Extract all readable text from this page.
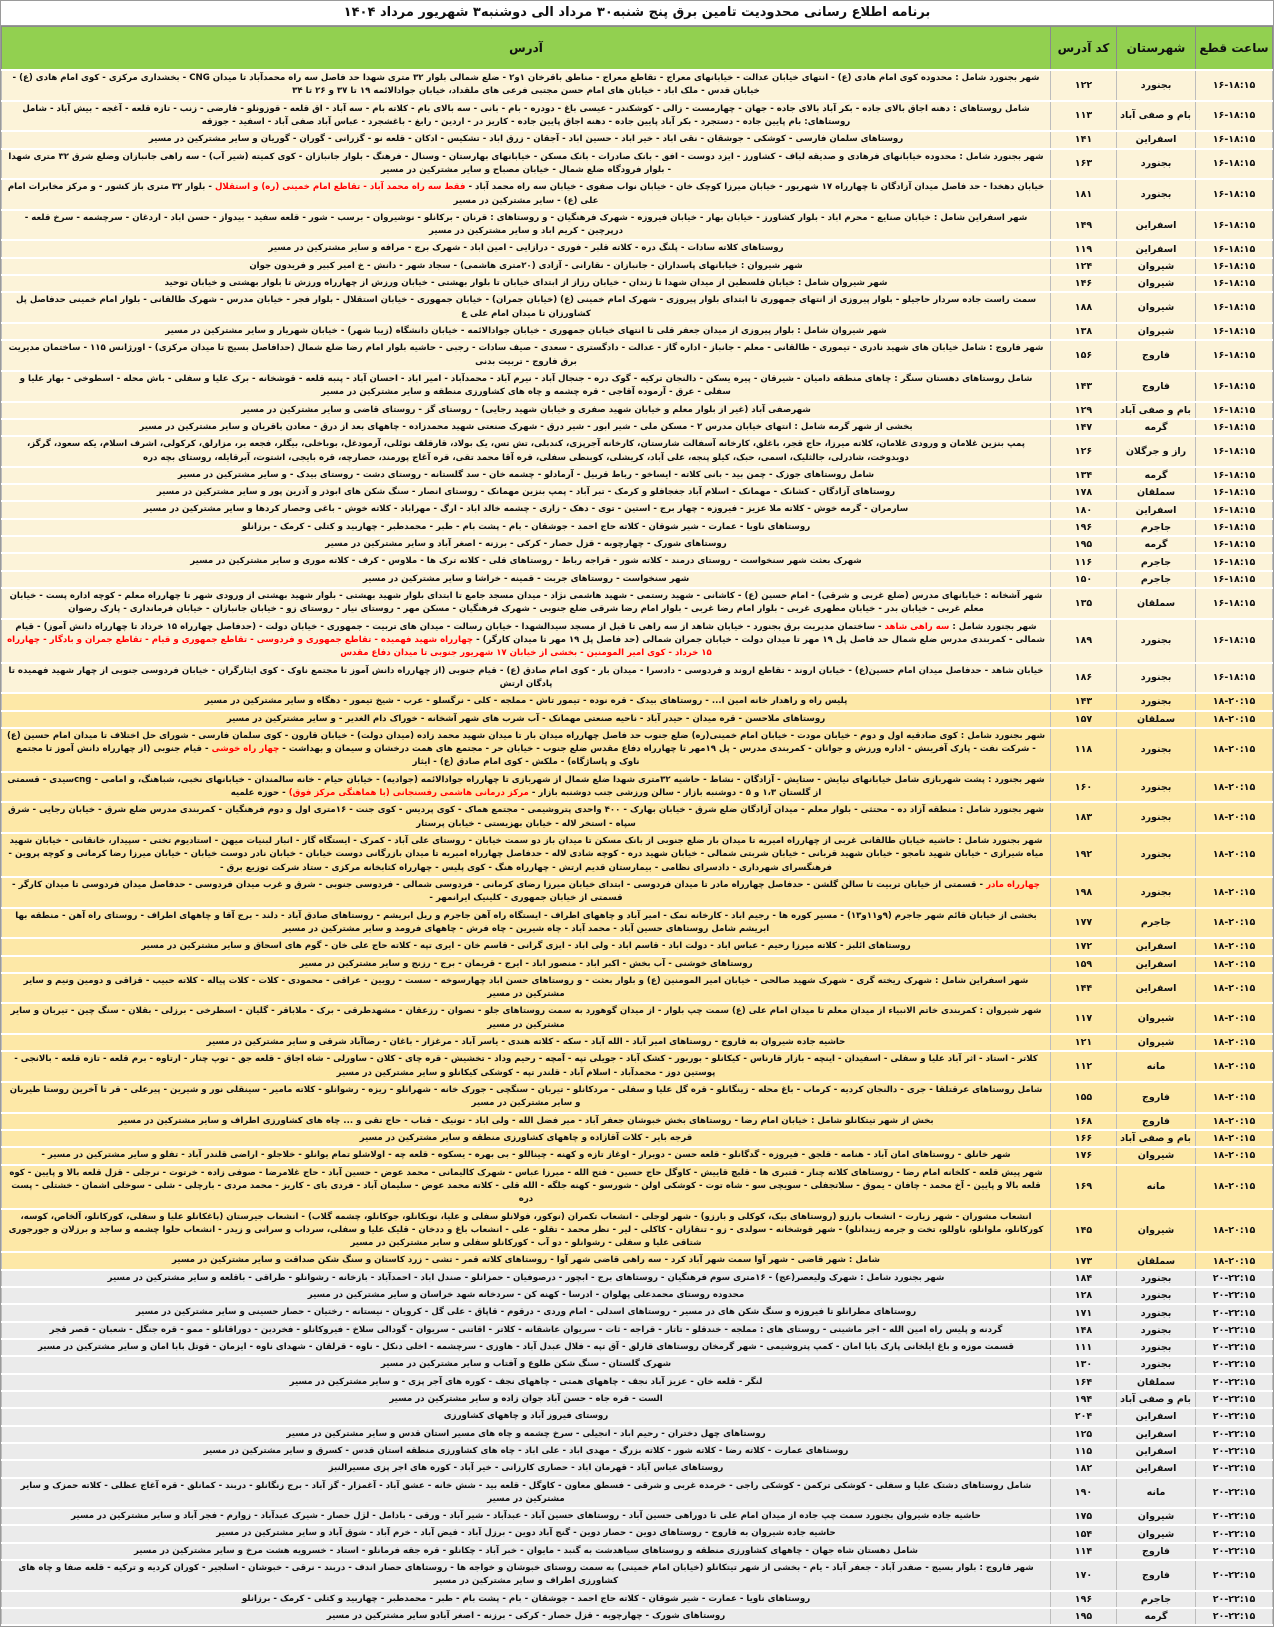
برنامه اطلاع رسانی محدودیت تامین برق پنج شنبه۳۰ مرداد الی دوشنبه۳ شهریور مرداد ۱۴۰۴
ساعت قطع	شهرستان	کد آدرس	آدرس
۱۶-۱۸:۱۵	بجنورد	۱۲۲	شهر بجنورد شامل : محدوده کوی امام هادی (ع) - انتهای خیابان عدالت - خیابانهای معراج - تقاطع معراج - مناطق باقرخان ۱و۲ - ضلع شمالی بلوار ۳۲ متری شهدا حد فاصل سه راه محمدآباد تا میدان CNG - بخشداری مرکزی - کوی امام هادی (ع) - خیابان قدس - ملک اباد - خیابان های امام حسن مجتبی فرعی های ملقداد، خیابان جوادالائمه ۱۹ تا ۳۷ و ۲۶ تا ۳۴
۱۶-۱۸:۱۵	بام و صفی آباد	۱۱۳	شامل روستاهای : دهنه اجاق بالای جاده - بکر آباد بالای جاده - جهان - چهارمست - زالی - کوشکندر - عیسی باغ - دودره - بام - بانی - سه بالای بام - کلاته بام - سه آباد - اق قلعه - قوزونلو - فارضی - زنب - تازه قلعه - آغجه - بیش آباد - شامل روستاهای: بام پایین جاده - دستجرد - بکر آباد پایین جاده - دهنه اجاق پایین جاده - کاریز در - اردین - رابغ - باغشجرد - عباس آباد صفی آباد - اسفید - جوزقه
۱۶-۱۸:۱۵	اسفراین	۱۴۱	روستاهای سلمان فارسی - کوشکی - جوشقان - نقی اباد - خیر اباد - حسین اباد - آجقان - زرق اباد - تشکیس - ادکان - قلعه نو - گزرانی - گوران - گوریان و سایر مشترکین در مسیر
۱۶-۱۸:۱۵	بجنورد	۱۶۳	شهر بجنورد شامل : محدوده خیابانهای فرهادی و صدیقه لباف - کشاورز - ایزد دوست - افق - بانک صادرات - بانک مسکن - خیابانهای بهارستان - وسنال - فرهنگ - بلوار جانبازان - کوی کمیته (شیر آب) - سه راهی جانبازان وضلع شرق ۳۲ متری شهدا - بلوار فرودگاه ضلع شمال - خیابان مصباح و سایر مشترکین در مسیر
۱۶-۱۸:۱۵	بجنورد	۱۸۱	خیابان دهخدا - حد فاصل میدان آزادگان تا چهارراه ۱۷ شهریور - خیابان میرزا کوچک خان - خیابان نواب صفوی - خیابان سه راه محمد آباد - فقط سه راه محمد آباد - تقاطع امام خمینی (ره) و استقلال - بلوار ۳۲ متری باز کشور - و مرکز مخابرات امام علی (ع) - سایر مشترکین در مسیر
۱۶-۱۸:۱۵	اسفراین	۱۴۹	شهر اسفراین شامل : خیابان صنایع - محرم اباد - بلوار کشاورز - خیابان بهار - خیابان فیروزه - شهرک فرهنگیان - و روستاهای : قرنان - برکانلو - نوشیروان - برسب - شور - قلعه سفید - بیدواز - حسن اباد - اردغان - سرچشمه - سرخ قلعه - درپرچین - کریم اباد و سایر مشترکین در مسیر
۱۶-۱۸:۱۵	اسفراین	۱۱۹	روستاهای کلاته سادات - پلنگ دره - کلاته قلبر - فوری - درازایی - امین اباد - شهرک برج - مرافه و سایر مشترکین در مسیر
۱۶-۱۸:۱۵	شیروان	۱۲۴	شهر شیروان : خیابانهای پاسداران - جانبازان - نقارانی - آزادی (۲۰متری هاشمی) - سجاد شهر - دانش - خ امیر کبیر و فریدون جوان
۱۶-۱۸:۱۵	شیروان	۱۴۶	شهر شیروان شامل : خیابان فلسطین از میدان شهدا تا زندان - خیابان رزاز از ابتدای خیابان تا بلوار بهشتی - خیابان ورزش از چهارراه ورزش تا بلوار بهشتی و خیابان توحید
۱۶-۱۸:۱۵	شیروان	۱۸۸	سمت راست جاده سردار حاجیلو - بلوار پیروزی از انتهای جمهوری تا ابتدای بلوار پیروزی - شهرک امام خمینی (ع) (خیابان جمران) - خیابان جمهوری - خیابان استقلال - بلوار فجر - خیابان مدرس - شهرک طالقانی - بلوار امام خمینی حدفاصل پل کشاورزان تا میدان امام علی ع
۱۶-۱۸:۱۵	شیروان	۱۳۸	شهر شیروان شامل : بلوار پیروزی از میدان جعفر قلی تا انتهای خیابان جمهوری - خیابان جوادالائمه - خیابان دانشگاه (زیبا شهر) - خیابان شهریار و سایر مشترکین در مسیر
۱۶-۱۸:۱۵	فاروج	۱۵۶	شهر فاروج : شامل خیابان های شهید نادری - تیموری - طالقانی - معلم - جانباز - اداره گاز - عدالت - دادگستری - سعدی - صیف سادات - رجبی - حاشیه بلوار امام رضا ضلع شمال (حدافاصل بسیج تا میدان مرکزی) - اورژانس ۱۱۵ - ساختمان مدیریت برق فاروج - تربیت بدنی
۱۶-۱۸:۱۵	فاروج	۱۴۳	شامل روستاهای دهستان سنگر : چاهای منطقه دامیان - شیرقان - پیره یسکن - دالنجان ترکیه - گوک دره - جنجال آباد - نیرم آباد - محمدآباد - امیر اباد - احسان آباد - پنبه قلعه - قوشخانه - برک علیا و سفلی - باش محله - اسطوخی - بهار علیا و سفلی - عرق - آرموده آقاجی - قره چشمه و چاه های کشاورزی منطقه و سایر مشترکین در مسیر
۱۶-۱۸:۱۵	بام و صفی آباد	۱۲۹	شهرصفی آباد (غیر از بلوار معلم و خیابان شهید صفری و خیابان شهید رجایی) - روستای گز - روستای قاضی و سایر مشترکین در مسیر
۱۶-۱۸:۱۵	گرمه	۱۴۷	بخشی از شهر گرمه شامل : انتهای خیابان مدرس ۲ - مسکن ملی - شیر ابور - شیر درق - شهرک صنعتی شهید محمدزاده - چاههای بعد از درق - معادن باقریان و سایر مشترکین در مسیر
۱۶-۱۸:۱۵	راز و جرگلان	۱۲۶	پمپ بنزین غلامان و ورودی غلامان، کلاته میرزا، حاج قجر، باغلق، کارخانه آسفالت شارستان، کارخانه آجرپزی، کندبلی، تش تس، یک بولاد، قارقلف نوئلی، آرمودغل، بوباخلی، بیگلر، فجعه بر، مزارلق، کرکولی، اشرف اسلام، یکه سعود، گرگز، دویدوخت، شادرلی، جالثلیک، اسمی، حبک، کیلو پنجه، علی آباد، کریشلی، کوبنطی سفلی، قره آقا محمد تقی، قره آغاج پورمند، حصارچه، قره بایجی، اشتوت، آبرقایله، روستای بچه دره
۱۶-۱۸:۱۵	گرمه	۱۳۴	شامل روستاهای جوزک - چمن بید - بانی کلاته - ایساخو - رباط قربیل - آرمادلو - چشمه خان - سد گلستانه - روستای دشت - روستای بیدک - و سایر مشترکین در مسیر
۱۶-۱۸:۱۵	سملقان	۱۷۸	روستاهای آزادگان - کشانک - مهمانک - اسلام آباد جغجافلو و کرمک - تبر آباد - پمپ بنزین مهمانک - روستای انصار - سنگ شکن های ابوذر و آذرین پور و سایر مشترکین در مسیر
۱۶-۱۸:۱۵	اسفراین	۱۸۰	سارمران - گرمه خوش - کلاته ملا عزیز - فیروزه - چهار برج - استین - توی - دهک - زاری - چشمه خالد اباد - ارگ - مهراباد - کلاته خوش - باغی وحصار کردها و سایر مشترکین در مسیر
۱۶-۱۸:۱۵	جاجرم	۱۹۶	روستاهای ناویا - عمارت - شیر شوقان - کلاته حاج احمد - جوشقان - بام - پشت بام - طبر - محمدطبر - چهاربید و کتلی - کرمک - برزانلو
۱۶-۱۸:۱۵	گرمه	۱۹۵	روستاهای شورک - چهارچوبه - قزل حصار - کرکی - برزنه - اصغر آباد و سایر مشترکین در مسیر
۱۶-۱۸:۱۵	جاجرم	۱۱۶	شهرک بعثت شهر سنخواست - روستای درمند - کلاته شور - قراجه رباط - روستاهای قلی - کلاته ترک ها - ملاوس - کرف - کلاته موری و سایر مشترکین در مسیر
۱۶-۱۸:۱۵	جاجرم	۱۵۰	شهر سنخواست - روستاهای جربت - قمینه - خراشا و سایر مشترکین در مسیر
۱۶-۱۸:۱۵	سملقان	۱۳۵	شهر آشخانه : خیابانهای مدرس (ضلع غربی و شرقی) - امام حسین (ع) - کاشانی - شهید رستمی - شهید هاشمی نژاد - میدان مسجد جامع تا ابتدای بلوار شهید بهشتی - بلوار شهید بهشتی از ورودی شهر تا چهارراه معلم - کوچه اداره پست - خیابان معلم غربی - خیابان بدر - خیابان مطهری غربی - بلوار امام رضا غربی - بلوار امام رضا شرقی ضلع جنوبی - شهرک فرهنگیان - مسکن مهر - روستای نیار - روستای زو - خیابان جانبازان - خیابان فرمانداری - پارک رضوان
۱۶-۱۸:۱۵	بجنورد	۱۸۹	شهر بجنورد شامل : سه راهی شاهد - ساختمان مدیریت برق بجنورد - خیابان شاهد از سه راهی تا قبل از مسجد سیدالشهدا - خیابان رسالت - میدان های تربیت - جمهوری - خیابان دولت - (حدفاصل چهارراه ۱۵ خرداد تا چهارراه دانش آموز) - قیام شمالی - کمربندی مدرس ضلع شمال حد فاصل پل ۱۹ مهر تا میدان دولت - خیابان جمران شمالی (حد فاصل پل ۱۹ مهر تا میدان کارگر) - چهارراه شهید فهمیده - تقاطع جمهوری و فردوسی - تقاطع جمهوری و قیام - تقاطع جمران و بادگار - چهارراه ۱۵ خرداد - کوی امیر المومنین - بخشی از خیابان ۱۷ شهریور جنوبی تا میدان دفاع مقدس
۱۶-۱۸:۱۵	بجنورد	۱۸۶	خیابان شاهد - حدفاصل میدان امام حسین(ع) - خیابان اروند - تقاطع اروند و فردوسی - دادسرا - میدان بار - کوی امام صادق (ع) - قیام جنوبی (از چهارراه دانش آموز تا مجتمع ناوک - کوی ایثارگران - خیابان فردوسی جنوبی از چهار شهید فهمیده تا پادگان ارتش
۱۸-۲۰:۱۵	بجنورد	۱۴۳	پلیس راه و راهدار خانه امین ا... - روستاهای بیدک - قره نوده - تیمور تاش - مملجه - کلی - نرگسلو - عرب - شیخ تیمور - دهگاه و سایر مشترکین در مسیر
۱۸-۲۰:۱۵	سملقان	۱۵۷	روستاهای ملاحسن - قره میدان - حیدر آباد - ناحیه صنعتی مهمانک - آب شرب های شهر آشخانه - خوراک دام الغدیر - و سایر مشترکین در مسیر
۱۸-۲۰:۱۵	بجنورد	۱۱۸	شهر بجنورد شامل : کوی صادقیه اول و دوم - خیابان مودت - خیابان امام خمینی(ره) ضلع جنوب حد فاصل چهارراه میدان بار تا میدان شهید محمد زاده (میدان دولت) - خیابان قارون - کوی سلمان فارسی - شورای حل اختلاف تا میدان امام حسین (ع) - شرکت نفت - پارک آفرینش - اداره ورزش و جوانان - کمربندی مدرس - پل ۱۹مهر تا چهارراه دفاع مقدس ضلع جنوب - خیابان حر - مجتمع های همت درخشان و سیمان و بهداشت - چهار راه خوشی - قیام جنوبی (از چهارراه دانش آموز تا مجتمع ناوک و پاساژگاه) - ملکش - کوی امام صادق (ع) - ایثار
۱۸-۲۰:۱۵	بجنورد	۱۶۰	شهر بجنورد : پشت شهربازی شامل خیابانهای نیایش - ستایش - آزادگان - نشاط - حاشیه ۳۲متری شهدا ضلع شمال از شهربازی تا چهارراه جوادالائمه (جوادیه) - خیابان حیام - خانه سالمندان - خیابانهای نخبی، شباهنگ، و امامی - cngسیدی - قسمتی از گلستان ۱،۳ و ۵ - دوشنبه بازار - سالن ورزشی جنب دوشنبه بازار - مرکز درمانی هاشمی رفسنجانی (با هماهنگی مرکز فوق) - حوزه علمیه
۱۸-۲۰:۱۵	بجنورد	۱۸۳	شهر بجنورد شامل : منطقه آزاد ده - محتثی - بلوار معلم - میدان آزادگان ضلع شرق - خیابان بهارک - ۴۰۰ واحدی پتروشیمی - مجتمع هماک - کوی پردیس - کوی جنت - ۱۶متری اول و دوم فرهنگیان - کمربندی مدرس ضلع شرق - خیابان رجایی - شرق سپاه - استخر لاله - خیابان بهزیستی - خیابان پرستار
۱۸-۲۰:۱۵	بجنورد	۱۹۲	شهر بجنورد شامل : حاشیه خیابان طالقانی غربی از چهارراه امیریه تا میدان بار ضلع جنوبی از بانک مسکن تا میدان باز دو سمت خیابان - روستای علی آباد - کمرک - ایستگاه گاز - انبار لبنیات میهن - استادیوم تختی - سپیدار، خانقانی - خیابان شهید میاه شیرازی - خیابان شهید نامجو - خیابان شهید قربانی - خیابان شربتی شمالی - خیابان شهید دره - کوچه شادی لاله - حدفاصل چهارراه امیریه تا میدان بازرگانی دوست خیابان - خیابان نادر دوست خیابان - خیابان میرزا رضا کرمانی و کوچه پروین - فرهنگسرای شهرداری - دادسرای نظامی - بیمارستان قدیم ارتش - چهارراه هنگ - کوی پلیس - چهارراه کتابخانه مرکزی - ستاد شرکت توزیع برق -
۱۸-۲۰:۱۵	بجنورد	۱۹۸	چهارراه مادر - قسمتی از خیابان تربیت تا سالن گلشن - حدفاصل چهارراه مادر تا میدان فردوسی - ابتدای خیابان میرزا رضای کرمانی - فردوسی شمالی - فردوسی جنوبی - شرق و غرب میدان فردوسی - حدفاصل میدان فردوسی تا میدان کارگر - قسمتی از خیابان جمهوری - کلینیک ایرانمهر -
۱۸-۲۰:۱۵	جاجرم	۱۷۷	بخشی از خیابان قائم شهر جاجرم (۹و۱۱و۱۳) - مسیر کوره ها - رجیم اباد - کارخانه نمک - امیر آباد و چاههای اطراف - ایستگاه راه آهن جاجرم و ریل ابریشم - روستاهای صادق آباد - دلند - برج آقا و چاههای اطراف - روستای راه آهن - منطقه بها ابریشم شامل روستاهای حسین آباد - محمد آباد - چاه شیرین - چاه فرش - چاههای فرومد و سایر مشترکین در مسیر
۱۸-۲۰:۱۵	اسفراین	۱۷۲	روستاهای ائلبز - کلاته میرزا رحیم - عباس اباد - دولت اباد - قاسم اباد - ولی اباد - ایزی گرانی - قاسم خان - ایری تپه - کلاته حاج علی خان - گوم های اسحاق و سایر مشترکین در مسیر
۱۸-۲۰:۱۵	اسفراین	۱۵۹	روستاهای خوشنی - آب بخش - اکبر اباد - منصور اباد - ایرج - قریمان - برج - رزنج و سایر مشترکین در مسیر
۱۸-۲۰:۱۵	اسفراین	۱۴۴	شهر اسفراین شامل : شهرک ریخته گری - شهرک شهید صالحی - خیابان امیر المومنین (ع) و بلوار بعثت - و روستاهای حسن اباد چهارسوخه - سست - رویین - عراقی - محمودی - کلات - کلات پیاله - کلاته حبیب - قزاقی و دومین ونیم و سایر مشترکین در مسیر
۱۸-۲۰:۱۵	شیروان	۱۱۷	شهر شیروان : کمربندی خاتم الانبیاء از میدان معلم تا میدان امام علی (ع) سمت چپ بلوار - از میدان گوهورد به سمت روستاهای جلو - نصوان - رزعقان - مشهدطرقی - برک - ملاباقر - گلیان - اسطرخی - برزلی - بقلان - سنگ چین - تیربان و سایر مشترکین در مسیر
۱۸-۲۰:۱۵	شیروان	۱۲۱	حاشیه جاده شیروان به فاروج - روستاهای امیر آباد - الله آباد - سکه - کلاته هندی - یاسر آباد - مرغزار - باغان - رضاآباد شرقی و سایر مشترکین در مسیر
۱۸-۲۰:۱۵	مانه	۱۱۲	کلاتر - استاد - اثر آباد علیا و سفلی - اسفیدان - اینچه - بازار قارناس - کیکانلو - بوربور - کشک آباد - جویلی تپه - آمچه - رحیم وداد - تخشیش - قره چای - کلان - ساورلی - شاه اجاق - قلعه جق - توپ چنار - ارتاوه - برم قلعه - تازه قلعه - بالانجی - پوستین دوز - محمدآباد - اسلام آباد - قلندر تپه - کوشکی کیکانلو و سایر مشترکین در مسیر
۱۸-۲۰:۱۵	فاروج	۱۵۵	شامل روستاهای عرقتلقا - جری - دالنجان کردیه - کرماب - باغ محله - زینگانلو - قره گل علیا و سفلی - مردکانلو - تیربان - سنگچی - جورک خانه - شهرانلو - ریزه - رشوانلو - کلاته مامیر - سینقلی نور و شیرین - پیرعلی - قر تا آخرین روستا طیربان و سایر مشترکین در مسیر
۱۸-۲۰:۱۵	فاروج	۱۶۸	بخش از شهر تیتکانلو شامل : خیابان امام رضا - روستاهای بخش خبوشان جعفر آباد - میر فضل الله - ولی اباد - تونیک - قناب - حاج تقی و ... چاه های کشاورزی اطراف و سایر مشترکین در مسیر
۱۸-۲۰:۱۵	بام و صفی آباد	۱۶۶	قرجه بایر - کلات آقازاده و چاههای کشاورزی منطقه و سایر مشترکین در مسیر
۱۸-۲۰:۱۵	شیروان	۱۷۶	شهر خانلق - روستاهای امان آباد - هنامه - قلجق - فیروزه - گدگانلو - قلعه حسن - دوبرار - اوغاز تازه و کهنه - چیناللو - بی بهره - یسکوه - قلعه چه - اولاشلو تمام یوانلو - خلاجلو - اراضی قلندر آباد - تفلو و سایر مشترکین در مسیر -
۱۸-۲۰:۱۵	مانه	۱۶۹	شهر پیش قلعه - کلخانه امام رضا - روستاهای کلاته چنار - قتبری ها - قلیچ قاییش - کاوگل حاج حسین - فتح الله - میرزا عباس - شهرک کالیمانی - محمد عوض - حسین آباد - حاج غلامرضا - صوفی زاده - خرتوت - نرجلی - قزل قلعه بالا و پایین - کوه قلعه بالا و پایین - آخ محمد - چافان - یموق - سلاتجفلی - سویچی سو - شاه توت - کوشکی اولن - شورسو - کهنه جلگه - الله قلی - کلاته محمد عوض - سلیمان آباد - فردی بای - کاریز - محمد مردی - بارچلی - شلی - سوخلی اشمان - خشتلی - پست دره
۱۸-۲۰:۱۵	شیروان	۱۴۵	انشعاب مشوران - شهر زیارت - انشعاب بارزو (روستاهای بیک، کوکلی و بارزو) - شهر لوجلی - انشعاب تکمران (نوکور، فولانلو سفلی و علیا، نویکانلو، جوکانلو، چشمه گلاب) - انشعاب جیرستان (باغکانلو علیا و سفلی، کورکانلو، آلخاص، کوسه، کورکانلو، ملوانلو، ناوللو، تخت و جرمه زیندانلو) - شهر قوشخانه - سولدی - زو - تنقازان - کاکلی - لیر - نظر محمد - تقلو - علی - انشعاب باغ و ددخان - قلیک علیا و سفلی، سرداب و سرانی و زیدر - انشعاب حلوا چشمه و ساجد و برزلان و جورجوری شتاقی علیا و سفلی - رشوانلو - دو آب - کورکانلو سفلی و سایر مشترکین در مسیر
۱۸-۲۰:۱۵	سملقان	۱۷۳	شامل : شهر قاضی - شهر آوا سمت شهر آباد کرد - سه راهی قاضی شهر آوا - روستاهای کلاته قمر - تشی - زرد کاستان و سنگ شکن صداقت و سایر مشترکین در مسیر
۲۰-۲۲:۱۵	بجنورد	۱۸۴	شهر بجنورد شامل : شهرک ولیعصر(عج) - ۱۶متری سوم فرهنگیان - روستاهای برج - ابچور - درصوفیان - حمزانلو - صندل اباد - احمدآباد - بازخانه - رشوانلو - طراقی - باقلعه و سایر مشترکین در مسیر
۲۰-۲۲:۱۵	بجنورد	۱۲۸	محدوده روستای محمدعلی پهلوان - ادرسا - کهنه کن - سردخانه شهد خراسان و سایر مشترکین در مسیر
۲۰-۲۲:۱۵	بجنورد	۱۷۱	روستاهای مطرانلو تا فیروزه و سنگ شکن های در مسیر - روستاهای اسدلی - امام وردی - درقوم - قاپاق - علی گل - کرویان - نیستانه - رختیان - حصار حسینی و سایر مشترکین در مسیر
۲۰-۲۲:۱۵	بجنورد	۱۴۸	گردنه و پلیس راه امین الله - اجر ماشینی - روستای های : مملجه - خندقلو - تاتار - قراجه - ثات - سریوان عاشقانه - کلاتر - اقاتنی - سریوان - گودالی سلاخ - فیروکانلو - فخردین - دوراقانلو - ممو - قره جنگل - شعبان - قصر قجر
۲۰-۲۲:۱۵	بجنورد	۱۱۱	قسمت موزه و باغ ایلخانی پارک بابا امان - کمپ پتروشیمی - شهر گرمخان روستاهای قارلق - آق تپه - فلال عبدل آباد - هاوزی - سرچشمه - اخلی دنکل - ناوه - قرلقان - شهدای ناوه - ایزمان - قوتل بابا امان و سایر مشترکین در مسیر
۲۰-۲۲:۱۵	بجنورد	۱۳۰	شهرک گلستان - سنگ شکن طلوع و آفتاب و سایر مشترکین در مسیر
۲۰-۲۲:۱۵	سملقان	۱۶۴	لنگر - قلعه خان - عزیز آباد نجف - چاههای همتی - چاههای نجف - کوره های آجر پزی - و سایر مشترکین در مسیر
۲۰-۲۲:۱۵	بام و صفی آباد	۱۹۴	الست - قره جاه - حسن آباد جوان زاده و سایر مشترکین در مسیر
۲۰-۲۲:۱۵	اسفراین	۲۰۴	روستای فیروز آباد و چاههای کشاورزی
۲۰-۲۲:۱۵	اسفراین	۱۲۵	روستاهای چهل دختران - رحیم اباد - انجیلی - سرخ چشمه و چاه های مسیر استان قدس و سایر مشترکین در مسیر
۲۰-۲۲:۱۵	اسفراین	۱۱۵	روستاهای عمارت - کلاته رضا - کلاته شور - کلاته بزرگ - مهدی اباد - علی اباد - چاه های کشاورزی منطقه استان قدس - کسرق و سایر مشترکین در مسیر
۲۰-۲۲:۱۵	اسفراین	۱۸۲	روستاهای عباس آباد - قهرمان اباد - حصاری کارزانی - خیر آباد - کوره های اجر پزی مسیرالنبز
۲۰-۲۲:۱۵	مانه	۱۹۰	شامل روستاهای دشتک علیا و سفلی - کوشکی ترکمن - کوشکی راجی - خرمده غربی و شرقی - فسطق معاون - کاوگل - قلعه بید - شش خانه - عشق آباد - آغمزار - گز آباد - برج زنگانلو - دربند - کمانلق - قره آغاج عظلی - کلاته حمزک و سایر مشترکین در مسیر
۲۰-۲۲:۱۵	شیروان	۱۷۵	حاشیه جاده شیروان بجنورد سمت چپ جاده از میدان امام علی تا دوراهی حسین آباد - روستاهای حسین آباد - عبدآباد - شیر آباد - ورقی - بادامل - لژل حصار - شیرک عبدآباد - زوارم - فجر آباد و سایر مشترکین در مسیر
۲۰-۲۲:۱۵	شیروان	۱۵۴	حاشیه جاده شیروان به فاروج - روستاهای دوین - حصار دوین - گنج آباد دوین - برزل آباد - فیض آباد - خرم آباد - شوق آباد و سایر مشترکین در مسیر
۲۰-۲۲:۱۵	فاروج	۱۱۴	شامل دهستان شاه جهان - چاههای کشاورزی منطقه و روستاهای سیاهدشت به گنبد - مایوان - خبر آباد - چکانلو - قره جقه فرمانلو - استاد - خسرویه هشت مرخ و سایر مشترکین در مسیر
۲۰-۲۲:۱۵	فاروج	۱۷۰	شهر فاروج : بلوار بسیج - صفدر آباد - جعفر آباد - یام - بخشی از شهر تیتکانلو (خیابان امام خمینی) به سمت روستای خبوشان و خواجه ها - روستاهای حصار اندف - دربند - نرقی - خبوشان - اسلجیر - کوران کردیه و ترکیه - قلعه صفا و چاه های کشاورزی اطراف و سایر مشترکین در مسیر
۲۰-۲۲:۱۵	جاجرم	۱۹۶	روستاهای ناویا - عمارت - شیر شوقان - کلاته حاج احمد - جوشقان - بام - پشت بام - طبر - محمدطبر - چهاربید و کتلی - کرمک - برزانلو
۲۰-۲۲:۱۵	گرمه	۱۹۵	روستاهای شورک - چهارچوبه - قزل حصار - کرکی - برزنه - اصغر آبادو سایر مشترکین در مسیر
